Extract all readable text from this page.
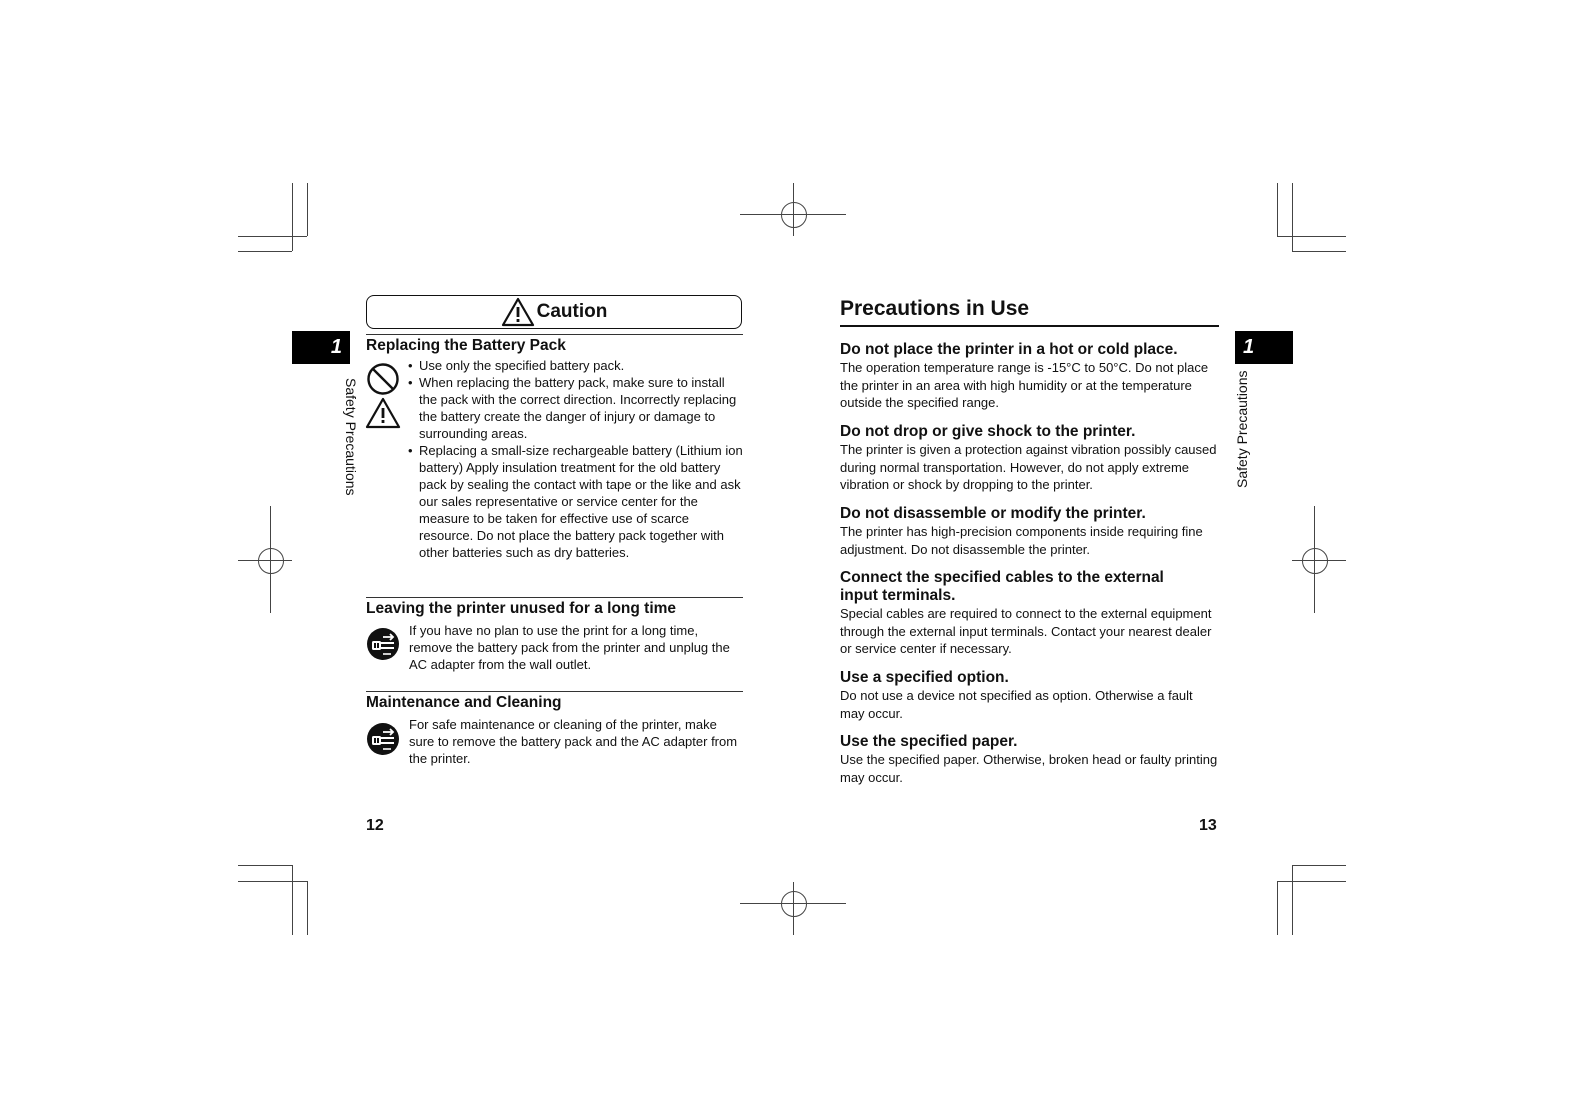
1
Safety Precautions
Caution
Replacing the Battery Pack
• Use only the specified battery pack.
• When replacing the battery pack, make sure to install the pack with the correct direction. Incorrectly replacing the battery create the danger of injury or damage to surrounding areas.
• Replacing a small-size rechargeable battery (Lithium ion battery) Apply insulation treatment for the old battery pack by sealing the contact with tape or the like and ask our sales representative or service center for the measure to be taken for effective use of scarce resource. Do not place the battery pack together with other batteries such as dry batteries.
Leaving the printer unused for a long time
If you have no plan to use the print for a long time, remove the battery pack from the printer and unplug the AC adapter from the wall outlet.
Maintenance and Cleaning
For safe maintenance or cleaning of the printer, make sure to remove the battery pack and the AC adapter from the printer.
12
Precautions in Use
1
Safety Precautions
Do not place the printer in a hot or cold place.
The operation temperature range is -15°C to 50°C. Do not place the printer in an area with high humidity or at the temperature outside the specified range.
Do not drop or give shock to the printer.
The printer is given a protection against vibration possibly caused during normal transportation. However, do not apply extreme vibration or shock by dropping to the printer.
Do not disassemble or modify the printer.
The printer has high-precision components inside requiring fine adjustment. Do not disassemble the printer.
Connect the specified cables to the external input terminals.
Special cables are required to connect to the external equipment through the external input terminals. Contact your nearest dealer or service center if necessary.
Use a specified option.
Do not use a device not specified as option. Otherwise a fault may occur.
Use the specified paper.
Use the specified paper. Otherwise, broken head or faulty printing may occur.
13
